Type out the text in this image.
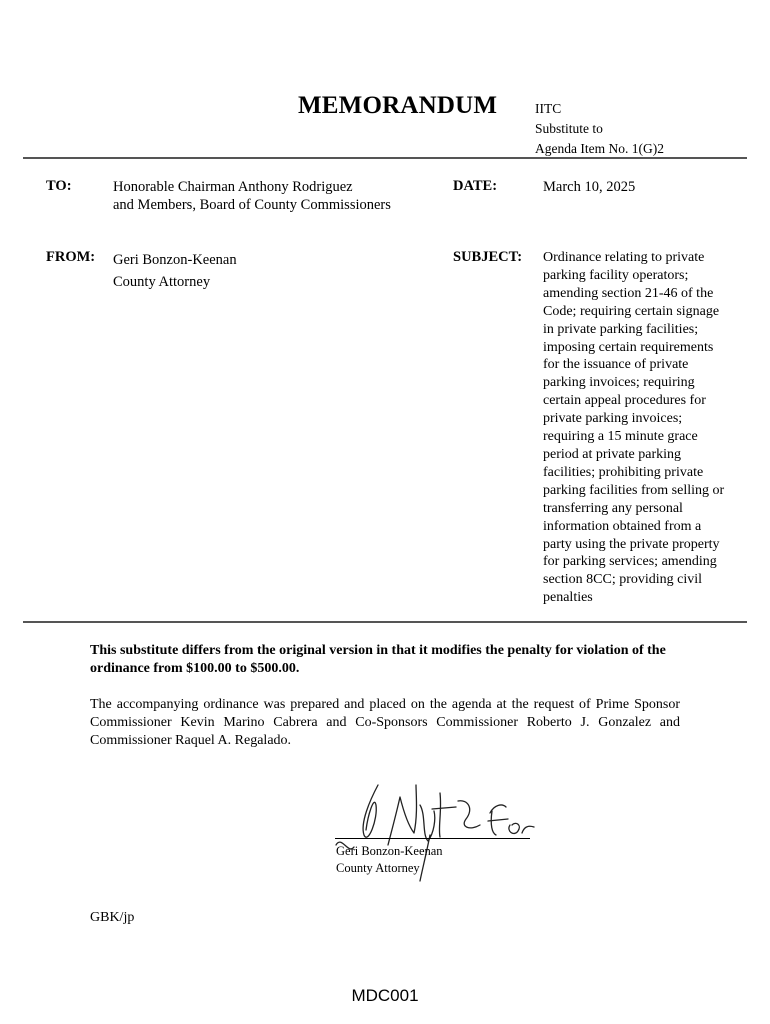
MEMORANDUM	IITC
Substitute to
Agenda Item No. 1(G)2
TO:	Honorable Chairman Anthony Rodriguez
and Members, Board of County Commissioners
DATE:	March 10, 2025
FROM: Geri Bonzon-Keenan
County Attorney
SUBJECT: Ordinance relating to private
parking facility operators;
amending section 21-46 of the
Code; requiring certain signage
in private parking facilities;
imposing certain requirements
for the issuance of private
parking invoices; requiring
certain appeal procedures for
private parking invoices;
requiring a 15 minute grace
period at private parking
facilities; prohibiting private
parking facilities from selling or
transferring any personal
information obtained from a
party using the private property
for parking services; amending
section 8CC; providing civil
penalties
This substitute differs from the original version in that it modifies the penalty for violation of the ordinance from $100.00 to $500.00.
The accompanying ordinance was prepared and placed on the agenda at the request of Prime Sponsor Commissioner Kevin Marino Cabrera and Co-Sponsors Commissioner Roberto J. Gonzalez and Commissioner Raquel A. Regalado.
Geri Bonzon-Keenan
County Attorney
GBK/jp
MDC001
